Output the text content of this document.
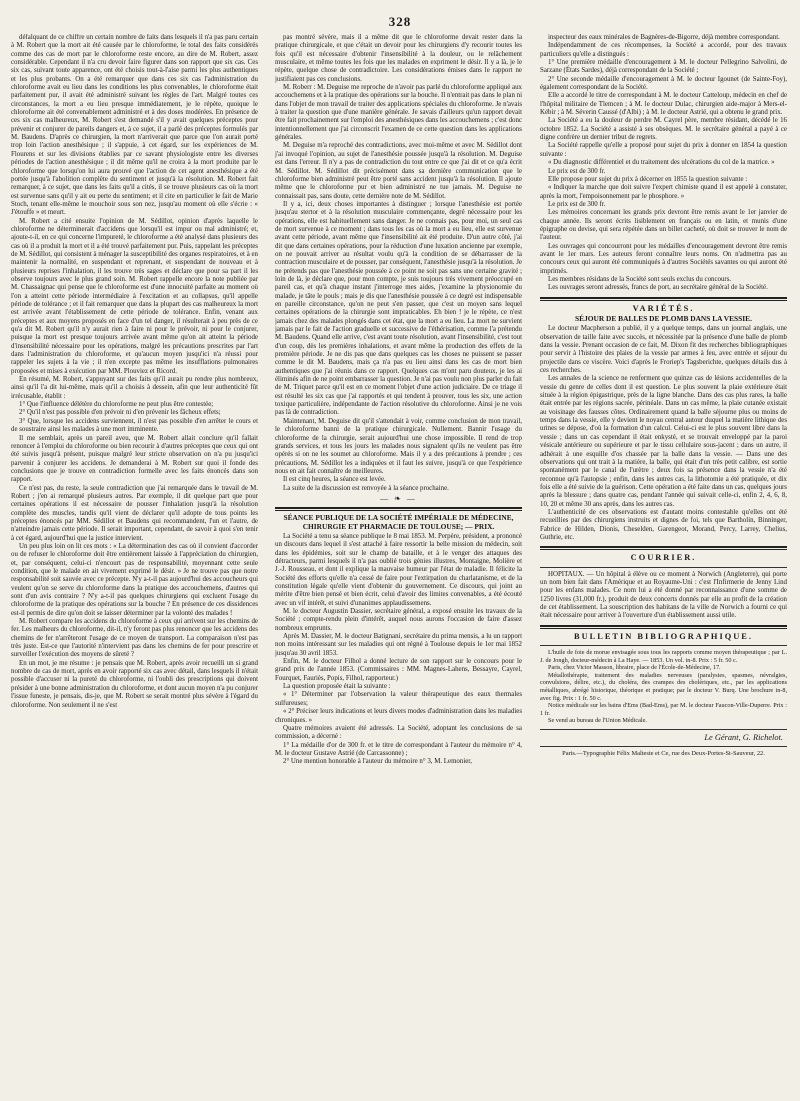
328

défalquant de ce chiffre un certain nombre de faits dans lesquels il n'a pas paru certain à M. Robert que la mort ait été causée par le chloroforme, le total des faits considérés comme des cas de mort par le chloroforme reste encore, au dire de M. Robert, assez considérable. Cependant il n'a cru devoir faire figurer dans son rapport que six cas. Ces six cas, suivant toute apparence, ont été choisis tout-à-l'aise parmi les plus authentiques et les plus probants. On a été remarquer que dans ces six cas l'administration du chloroforme avait eu lieu dans les conditions les plus convenables, le chloroforme était parfaitement pur, il avait été administré suivant les règles de l'art. Malgré toutes ces circonstances, la mort a eu lieu presque immédiatement, je le répète, quoique le chloroforme ait été convenablement administré et à des doses modérées. En présence de ces six cas malheureux, M. Robert s'est demandé s'il y avait quelques préceptes pour prévenir et conjurer de pareils dangers et, à ce sujet, il a parlé des préceptes formulés par M. Baudens. D'après ce chirurgien, la mort n'arriverait que parce que l'on aurait porté trop loin l'action anesthésique ; il s'appuie, à cet égard, sur les expériences de M. Flourens et sur les divisions établies par ce savant physiologiste entre les diverses périodes de l'action anesthésique ; il dit même qu'il ne croira à la mort produite par le chloroforme que lorsqu'on lui aura prouvé que l'action de cet agent anesthésique a été portée jusqu'à l'abolition complète du sentiment et jusqu'à la résolution. M. Robert fait remarquer, à ce sujet, que dans les faits qu'il a cités, il se trouve plusieurs cas où la mort est survenue sans qu'il y ait eu perte du sentiment; et il cite en particulier le fait de Marie Stoch, tenant elle-même le mouchoir sous son nez, jusqu'au moment où elle s'écrie : « J'étouffe » et meurt.

M. Robert a cité ensuite l'opinion de M. Sédillot, opinion d'après laquelle le chloroforme ne déterminerait d'accidens que lorsqu'il est impur ou mal administré; et, ajoute-t-il, en ce qui concerne l'impureté, le chloroforme a été analysé dans plusieurs des cas où il a produit la mort et il a été trouvé parfaitement pur. Puis, rappelant les préceptes de M. Sédillot, qui consistent à ménager la susceptibilité des organes respiratoires, et à en maintenir la normalité, en suspendant et reprenant, et suspendant de nouveau et à plusieurs reprises l'inhalation, il les trouve très sages et déclare que pour sa part il les observe toujours avec le plus grand soin. M. Robert rappelle encore la note publiée par M. Chassaignac qui pense que le chloroforme est d'une innocuité parfaite au moment où l'on a atteint cette période intermédiaire à l'excitation et au collapsus, qu'il appelle période de tolérance ; et il fait remarquer que dans la plupart des cas malheureux la mort est arrivée avant l'établissement de cette période de tolérance. Enfin, venant aux préceptes et aux moyens proposés en face d'un tel danger, il résulterait à peu près de ce qu'a dit M. Robert qu'il n'y aurait rien à faire ni pour le prévoir, ni pour le conjurer, puisque la mort est presque toujours arrivée avant même qu'on ait atteint la période d'insensibilité nécessaire pour les opérations, malgré les précautions prescrites par l'art dans l'administration du chloroforme, et qu'aucun moyen jusqu'ici n'a réussi pour rappeler les sujets à la vie ; il n'en excepte pas même les insufflations pulmonaires proposées et mises à exécution par MM. Plouviez et Ricord.

En résumé, M. Robert, s'appuyant sur des faits qu'il aurait pu rendre plus nombreux, ainsi qu'il l'a dit lui-même, mais qu'il a choisis à dessein, afin que leur authenticité fût irrécusable, établit :

1° Que l'influence délétère du chloroforme ne peut plus être contestée;

2° Qu'il n'est pas possible d'en prévoir ni d'en prévenir les fâcheux effets;

3° Que, lorsque les accidens surviennent, il n'est pas possible d'en arrêter le cours et de soustraire ainsi les malades à une mort imminente.

Il me semblait, après un pareil aveu, que M. Robert allait conclure qu'il fallait renoncer à l'emploi du chloroforme ou bien recourir à d'autres préceptes que ceux qui ont été suivis jusqu'à présent, puisque malgré leur stricte observation on n'a pu jusqu'ici parvenir à conjurer les accidens. Je demanderai à M. Robert sur quoi il fonde des conclusions que je trouve en contradiction formelle avec les faits énoncés dans son rapport.

Ce n'est pas, du reste, la seule contradiction que j'ai remarquée dans le travail de M. Robert ; j'en ai remarqué plusieurs autres. Par exemple, il dit quelque part que pour certaines opérations il est nécessaire de pousser l'inhalation jusqu'à la résolution complète des muscles, tandis qu'il vient de déclarer qu'il adopte de tous points les préceptes énoncés par MM. Sédillot et Baudens qui recommandent, l'un et l'autre, de n'atteindre jamais cette période. Il serait important, cependant, de savoir à quoi s'en tenir à cet égard, aujourd'hui que la justice intervient.

Un peu plus loin on lit ces mots : « La détermination des cas où il convient d'accorder ou de refuser le chloroforme doit être entièrement laissée à l'appréciation du chirurgien, et, par conséquent, celui-ci n'encourt pas de responsabilité, moyennant cette seule condition, que le malade en ait vivement exprimé le désir. » Je ne trouve pas que notre responsabilité soit sauvée avec ce précepte. N'y a-t-il pas aujourd'hui des accoucheurs qui veulent qu'on se serve du chloroforme dans la pratique des accouchemens, d'autres qui sont d'un avis contraire ? N'y a-t-il pas quelques chirurgiens qui excluent l'usage du chloroforme de la pratique des opérations sur la bouche ? En présence de ces dissidences est-il permis de dire qu'on doit se laisser déterminer par la volonté des malades !

M. Robert compare les accidens du chloroforme à ceux qui arrivent sur les chemins de fer. Les malheurs du chloroforme, dit-il, n'y feront pas plus renoncer que les accidens des chemins de fer n'arrêteront l'usage de ce moyen de transport. La comparaison n'est pas très juste. Est-ce que l'autorité n'intervient pas dans les chemins de fer pour prescrire et surveiller l'exécution des moyens de sûreté ?

En un mot, je me résume : je pensais que M. Robert, après avoir recueilli un si grand nombre de cas de mort, après en avoir rapporté six cas avec détail, dans lesquels il n'était possible d'accuser ni la pureté du chloroforme, ni l'oubli des prescriptions qui doivent présider à une bonne administration du chloroforme, et dont aucun moyen n'a pu conjurer l'issue funeste, je pensais, dis-je, que M. Robert se serait montré plus sévère à l'égard du chloroforme. Non seulement il ne s'est

pas montré sévère, mais il a même dit que le chloroforme devait rester dans la pratique chirurgicale, et que c'était un devoir pour les chirurgiens d'y recourir toutes les fois qu'il est nécessaire d'obtenir l'insensibilité à la douleur, ou le relâchement musculaire, et même toutes les fois que les malades en expriment le désir. Il y a là, je le répète, quelque chose de contradictoire. Les considérations émises dans le rapport ne justifiaient pas ces conclusions.

M. Roberr : M. Deguise me reproche de n'avoir pas parlé du chloroforme appliqué aux accouchemens et à la pratique des opérations sur la bouche. Il n'entrait pas dans le plan ni dans l'objet de mon travail de traiter des applications spéciales du chloroforme. Je n'avais à traiter la question que d'une manière générale. Je savais d'ailleurs qu'un rapport devait être fait prochainement sur l'emploi des anesthésiques dans les accouchemens ; c'est donc intentionnellement que j'ai circonscrit l'examen de ce cette question dans les applications générales.

M. Deguise m'a reproché des contradictions, avec moi-même et avec M. Sédillot dont j'ai invoqué l'opinion, au sujet de l'anesthésie poussée jusqu'à la résolution. M. Deguise est dans l'erreur. Il n'y a pas de contradiction du tout entre ce que j'ai dit et ce qu'a écrit M. Sédillot. M. Sédillot dit précisément dans sa dernière communication que le chloroforme bien administré peut être porté sans accident jusqu'à la résolution. Il ajoute même que le chloroforme pur et bien administré ne tue jamais. M. Deguise ne connaissait pas, sans doute, cette dernière note de M. Sédillot.

Il y a, ici, deux choses importantes à distinguer ; lorsque l'anesthésie est portée jusqu'au stertor et à la résolution musculaire commençante, degré nécessaire pour les opérations, elle est habituellement sans danger. Je ne connais pas, pour moi, un seul cas de mort survenue à ce moment ; dans tous les cas où la mort a eu lieu, elle est survenue avant cette période, avant même que l'insensibilité ait été produite. D'un autre côté, j'ai dit que dans certaines opérations, pour la réduction d'une luxation ancienne par exemple, on ne pouvait arriver au résultat voulu qu'à la condition de se débarrasser de la contraction musculaire et de pousser, par conséquent, l'anesthésie jusqu'à la résolution. Je ne prétends pas que l'anesthésie poussée à ce point ne soit pas sans une certaine gravité ; loin de là, je déclare que, pour mon compte, je suis toujours très vivement préoccupé en pareil cas, et qu'à chaque instant j'interroge mes aides, j'examine la physionomie du malade, je tâte le pouls ; mais je dis que l'anesthésie poussée à ce degré est indispensable en pareille circonstance, qu'on ne peut s'en passer, que c'est un moyen sans lequel certaines opérations de la chirurgie sont impraticables. Eh bien ! je le répète, ce n'est jamais chez des malades plongés dans cet état, que la mort a eu lieu. La mort ne survient jamais par le fait de l'action graduelle et successive de l'éthérisation, comme l'a prétendu M. Baudens. Quand elle arrive, c'est avant toute résolution, avant l'insensibilité, c'est tout d'un coup, dès les premières inhalations, et avant même la production des effets de la première période. Je ne dis pas que dans quelques cas les choses ne puissent se passer comme le dit M. Baudens, mais ça n'a pas eu lieu ainsi dans les cas de mort bien authentiques que j'ai réunis dans ce rapport. Quelques cas m'ont paru douteux, je les ai éliminés afin de ne point embarrasser la question. Je n'ai pas voulu non plus parler du fait de M. Triquet parce qu'il est en ce moment l'objet d'une action judiciaire. De ce triage il est résulté les six cas que j'ai rapportés et qui tendent à prouver, tous les six, une action toxique particulière, indépendante de l'action résolutive du chloroforme. Ainsi je ne vois pas là de contradiction.

Maintenant, M. Deguise dit qu'il s'attendait à voir, comme conclusion de mon travail, le chloroforme banni de la pratique chirurgicale. Nullement. Bannir l'usage du chloroforme de la chirurgie, serait aujourd'hui une chose impossible. Il rend de trop grands services, et tous les jours les malades nous signalent qu'ils ne veulent pas être opérés si on ne les soumet au chloroforme. Mais il y a des précautions à prendre ; ces précautions, M. Sédillot les a indiquées et il faut les suivre, jusqu'à ce que l'expérience nous en ait fait connaître de meilleures.

Il est cinq heures, la séance est levée.

La suite de la discussion est renvoyée à la séance prochaine.

— ❧ —
SÉANCE PUBLIQUE DE LA SOCIÉTÉ IMPÉRIALE DE MÉDECINE, CHIRURGIE ET PHARMACIE DE TOULOUSE; — PRIX.

La Société a tenu sa séance publique le 8 mai 1853. M. Perpère, président, a prononcé un discours dans lequel il s'est attaché à faire ressortir la belle mission du médecin, soit dans les épidémies, soit sur le champ de bataille, et à le venger des attaques des détracteurs, parmi lesquels il n'a pas oublié trois génies illustres, Montaigne, Molière et J.-J. Rousseau, et dont il explique la mauvaise humeur par l'état de maladie. Il félicite la Société des efforts qu'elle n'a cessé de faire pour l'extirpation du charlatanisme, et de la constitution légale qu'elle vient d'obtenir du gouvernement. Ce discours, qui joint au mérite d'être bien pensé et bien écrit, celui d'avoir des limites convenables, a été écouté avec un vif intérêt, et suivi d'unanimes applaudissemens.

M. le docteur Augustin Dassier, secrétaire général, a exposé ensuite les travaux de la Société ; compte-rendu plein d'intérêt, auquel nous aurons l'occasion de faire d'assez nombreux emprunts.

Après M. Dassier, M. le docteur Batignani, secrétaire du prima mensis, a lu un rapport non moins intéressant sur les maladies qui ont régné à Toulouse depuis le 1er mai 1852 jusqu'au 30 avril 1853.

Enfin, M. le docteur Filhol a donné lecture de son rapport sur le concours pour le grand prix de l'année 1853. (Commissaires : MM. Magnes-Lahens, Bessayre, Cayrel, Fourquet, Fauriès, Popis, Filhol, rapporteur.)

La question proposée était la suivante :

« 1° Déterminer par l'observation la valeur thérapeutique des eaux thermales sulfureuses;

« 2° Préciser leurs indications et leurs divers modes d'administration dans les maladies chroniques. »

Quatre mémoires avaient été adressés. La Société, adoptant les conclusions de sa commission, a décerné :

1° La médaille d'or de 300 fr. et le titre de correspondant à l'auteur du mémoire n° 4, M. le docteur Gustave Astrié (de Carcassonne) ;

2° Une mention honorable à l'auteur du mémoire n° 3, M. Lemonier,

inspecteur des eaux minérales de Bagnères-de-Bigorre, déjà membre correspondant.

Indépendamment de ces récompenses, la Société a accordé, pour des travaux particuliers qu'elle a distingués :

1° Une première médaille d'encouragement à M. le docteur Pellegrino Salvolini, de Sarzane (États Sardes), déjà correspondant de la Société ;

2° Une seconde médaille d'encouragement à M. le docteur Igounet (de Sainte-Foy), également correspondant de la Société.

Elle a accordé le titre de correspondant à M. le docteur Catteloup, médecin en chef de l'hôpital militaire de Tlemcen ; à M. le docteur Dulac, chirurgien aide-major à Mers-el-Kébir ; à M. Séverin Caussé (d'Albi) ; à M. le docteur Astrié, qui a obtenu le grand prix.

La Société a eu la douleur de perdre M. Cayrel père, membre résidant, décédé le 16 octobre 1852. La Société a assisté à ses obsèques. M. le secrétaire général a payé à ce digne confrère un dernier tribut de regrets.

La Société rappelle qu'elle a proposé pour sujet du prix à donner en 1854 la question suivante :

« Du diagnostic différentiel et du traitement des ulcérations du col de la matrice. »

Le prix est de 300 fr.

Elle propose pour sujet du prix à décerner en 1855 la question suivante :

« Indiquer la marche que doit suivre l'expert chimiste quand il est appelé à constater, après la mort, l'empoisonnement par le phosphore. »

Le prix est de 300 fr.

Les mémoires concernant les grands prix devront être remis avant le 1er janvier de chaque année. Ils seront écrits lisiblement en français ou en latin, et munis d'une épigraphe ou devise, qui sera répétée dans un billet cacheté, où doit se trouver le nom de l'auteur.

Les ouvrages qui concourront pour les médailles d'encouragement devront être remis avant le 1er mars. Les auteurs feront connaître leurs noms. On n'admettra pas au concours ceux qui auront été communiqués à d'autres Sociétés savantes ou qui auront été imprimés.

Les membres résidans de la Société sont seuls exclus du concours.

Les ouvrages seront adressés, francs de port, au secrétaire général de la Société.

VARIÉTÉS.
SÉJOUR DE BALLES DE PLOMB DANS LA VESSIE.

Le docteur Macpherson a publié, il y a quelque temps, dans un journal anglais, une observation de taille faite avec succès, et nécessitée par la présence d'une balle de plomb dans la vessie. Prenant occasion de ce fait, M. Dixon fit des recherches bibliographiques pour servir à l'histoire des plaies de la vessie par armes à feu, avec entrée et séjour du projectile dans ce viscère. Voici d'après le Froriep's Tagsberichte, quelques détails dus à ces recherches.

Les annales de la science ne renferment que quinze cas de lésions accidentelles de la vessie du genre de celles dont il est question. Le plus souvent la plaie extérieure était située à la région épigastrique, près de la ligne blanche. Dans des cas plus rares, la balle était entrée par les régions sacrée, périnéale. Dans un cas même, la plaie cutanée existait au voisinage des fausses côtes. Ordinairement quand la balle séjourne plus ou moins de temps dans la vessie, elle y devient le noyau central autour duquel la matière lithique des urines se dépose, d'où la formation d'un calcul. Celui-ci est le plus souvent libre dans la vessie ; dans un cas cependant il était enkysté, et se trouvait enveloppé par la paroi vésicale antérieure ou supérieure et par le tissu cellulaire sous-jacent ; dans un autre, il adhérait à une esquille d'os chassée par la balle dans la vessie. — Dans une des observations qui ont trait à la matière, la balle, qui était d'un très petit calibre, est sortie spontanément par le canal de l'urètre ; deux fois sa présence dans la vessie n'a été reconnue qu'à l'autopsie ; enfin, dans les autres cas, la lithotomie a été pratiquée, et dix fois elle a été suivie de la guérison. Cette opération a été faite dans un cas, quelques jours après la blessure ; dans quatre cas, pendant l'année qui suivait celle-ci, enfin 2, 4, 6, 8, 10, 20 et même 30 ans après, dans les autres cas.

L'authenticité de ces observations est d'autant moins contestable qu'elles ont été recueillies par des chirurgiens instruits et dignes de foi, tels que Bartholin, Binninger, Fabrice de Hilden, Dionis, Cheselden, Garengeot, Morand, Percy, Larrey, Chelius, Guthrie, etc.

COURRIER.

HOPITAUX. — Un hôpital à élève ou ce moment à Norwich (Angleterre), qui porte un nom bien fait dans l'Amérique et au Royaume-Uni : c'est l'Infirmerie de Jenny Lind pour les enfans malades. Ce nom lui a été donné par reconnaissance d'une somme de 1250 livres (31,000 fr.), produit de deux concerts donnés par elle au profit de la création de cet établissement. La souscription des habitans de la ville de Norwich a fourni ce qui était nécessaire pour arriver à l'ouverture d'un établissement aussi utile.

BULLETIN BIBLIOGRAPHIQUE.

L'huile de foie de morue envisagée sous tous les rapports comme moyen thérapeutique ; par L. J. de Jongh, docteur-médecin à La Haye. — 1853. Un vol. in-8. Prix : 5 fr. 50 c.

Paris, chez Victor Masson, libraire, place de l'École-de-Médecine, 17.

Métallothérapie, traitement des maladies nerveuses (paralysies, spasmes, névralgies, convulsions, délire, etc.), du choléra, des crampes des cholériques, etc., par les applications métalliques, abrégé historique, théorique et pratique; par le docteur V. Burq. Une brochure in-8, avec fig. Prix : 1 fr. 50 c.

Notice médicale sur les bains d'Ems (Bad-Ems), par M. le docteur Faucon-Ville-Duperre. Prix : 1 fr.

Se vend au bureau de l'Union Médicale.

Le Gérant, G. Richelot.
Paris.—Typographie Félix Malteste et Ce, rue des Deux-Portes-St-Sauveur, 22.
